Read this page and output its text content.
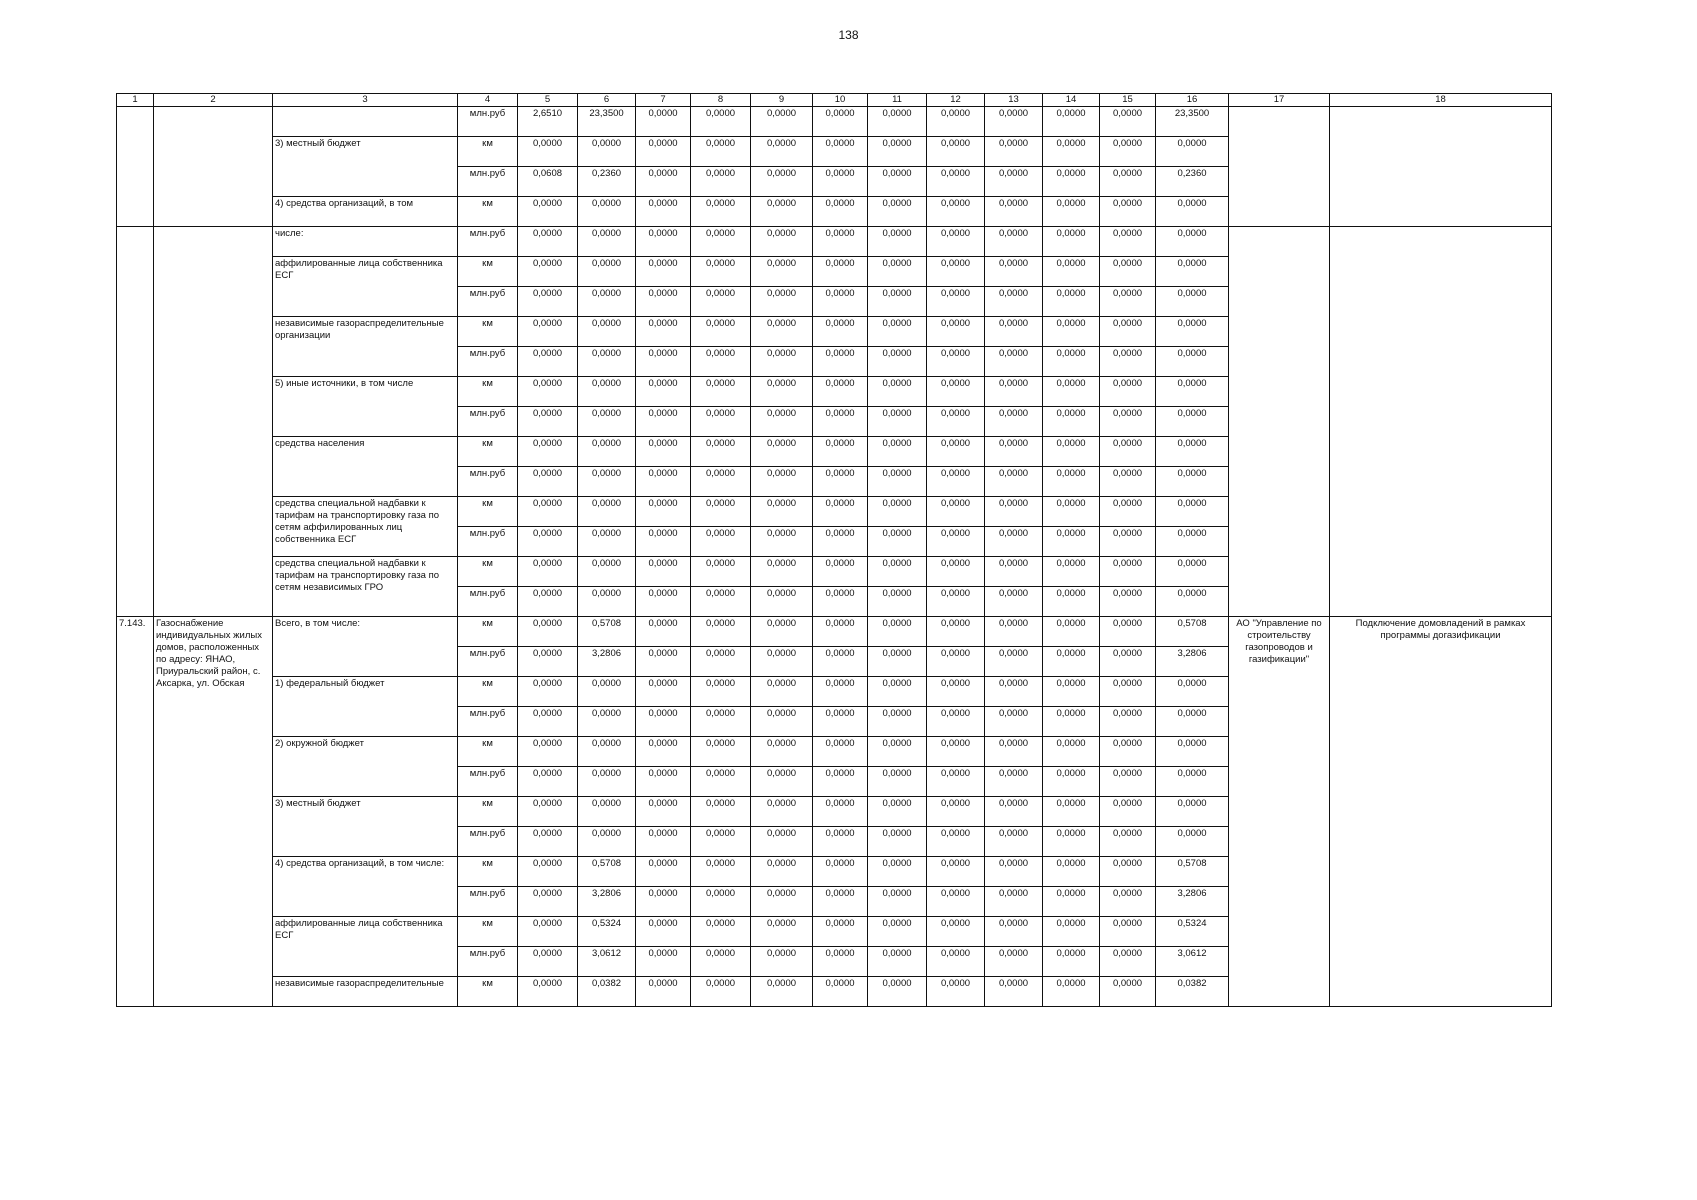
138
1	2	3	4	5	6	7	8	9	10	11	12	13	14	15	16	17	18
			млн.руб	2,6510	23,3500	0,0000	0,0000	0,0000	0,0000	0,0000	0,0000	0,0000	0,0000	0,0000	23,3500		
		3) местный бюджет	км	0,0000	0,0000	0,0000	0,0000	0,0000	0,0000	0,0000	0,0000	0,0000	0,0000	0,0000	0,0000		
			млн.руб	0,0608	0,2360	0,0000	0,0000	0,0000	0,0000	0,0000	0,0000	0,0000	0,0000	0,0000	0,2360		
		4) средства организаций, в том	км	0,0000	0,0000	0,0000	0,0000	0,0000	0,0000	0,0000	0,0000	0,0000	0,0000	0,0000	0,0000		
		числе:	млн.руб	0,0000	0,0000	0,0000	0,0000	0,0000	0,0000	0,0000	0,0000	0,0000	0,0000	0,0000	0,0000		
		аффилированные лица собственника ЕСГ	км	0,0000	0,0000	0,0000	0,0000	0,0000	0,0000	0,0000	0,0000	0,0000	0,0000	0,0000	0,0000		
			млн.руб	0,0000	0,0000	0,0000	0,0000	0,0000	0,0000	0,0000	0,0000	0,0000	0,0000	0,0000	0,0000		
		независимые газораспределительные организации	км	0,0000	0,0000	0,0000	0,0000	0,0000	0,0000	0,0000	0,0000	0,0000	0,0000	0,0000	0,0000		
			млн.руб	0,0000	0,0000	0,0000	0,0000	0,0000	0,0000	0,0000	0,0000	0,0000	0,0000	0,0000	0,0000		
		5) иные источники, в том числе	км	0,0000	0,0000	0,0000	0,0000	0,0000	0,0000	0,0000	0,0000	0,0000	0,0000	0,0000	0,0000		
			млн.руб	0,0000	0,0000	0,0000	0,0000	0,0000	0,0000	0,0000	0,0000	0,0000	0,0000	0,0000	0,0000		
		средства населения	км	0,0000	0,0000	0,0000	0,0000	0,0000	0,0000	0,0000	0,0000	0,0000	0,0000	0,0000	0,0000		
			млн.руб	0,0000	0,0000	0,0000	0,0000	0,0000	0,0000	0,0000	0,0000	0,0000	0,0000	0,0000	0,0000		
		средства специальной надбавки к тарифам на транспортировку газа по сетям аффилированных лиц собственника ЕСГ	км	0,0000	0,0000	0,0000	0,0000	0,0000	0,0000	0,0000	0,0000	0,0000	0,0000	0,0000	0,0000		
			млн.руб	0,0000	0,0000	0,0000	0,0000	0,0000	0,0000	0,0000	0,0000	0,0000	0,0000	0,0000	0,0000		
		средства специальной надбавки к тарифам на транспортировку газа по сетям независимых ГРО	км	0,0000	0,0000	0,0000	0,0000	0,0000	0,0000	0,0000	0,0000	0,0000	0,0000	0,0000	0,0000		
			млн.руб	0,0000	0,0000	0,0000	0,0000	0,0000	0,0000	0,0000	0,0000	0,0000	0,0000	0,0000	0,0000		
7.143.	Газоснабжение индивидуальных жилых домов, расположенных по адресу: ЯНАО, Приуральский район, с. Аксарка, ул. Обская	Всего, в том числе:	км	0,0000	0,5708	0,0000	0,0000	0,0000	0,0000	0,0000	0,0000	0,0000	0,0000	0,0000	0,5708	АО "Управление по строительству газопроводов и газификации"	Подключение домовладений в рамках программы догазификации
			млн.руб	0,0000	3,2806	0,0000	0,0000	0,0000	0,0000	0,0000	0,0000	0,0000	0,0000	0,0000	3,2806		
		1) федеральный бюджет	км	0,0000	0,0000	0,0000	0,0000	0,0000	0,0000	0,0000	0,0000	0,0000	0,0000	0,0000	0,0000		
			млн.руб	0,0000	0,0000	0,0000	0,0000	0,0000	0,0000	0,0000	0,0000	0,0000	0,0000	0,0000	0,0000		
		2) окружной бюджет	км	0,0000	0,0000	0,0000	0,0000	0,0000	0,0000	0,0000	0,0000	0,0000	0,0000	0,0000	0,0000		
			млн.руб	0,0000	0,0000	0,0000	0,0000	0,0000	0,0000	0,0000	0,0000	0,0000	0,0000	0,0000	0,0000		
		3) местный бюджет	км	0,0000	0,0000	0,0000	0,0000	0,0000	0,0000	0,0000	0,0000	0,0000	0,0000	0,0000	0,0000		
			млн.руб	0,0000	0,0000	0,0000	0,0000	0,0000	0,0000	0,0000	0,0000	0,0000	0,0000	0,0000	0,0000		
		4) средства организаций, в том числе:	км	0,0000	0,5708	0,0000	0,0000	0,0000	0,0000	0,0000	0,0000	0,0000	0,0000	0,0000	0,5708		
			млн.руб	0,0000	3,2806	0,0000	0,0000	0,0000	0,0000	0,0000	0,0000	0,0000	0,0000	0,0000	3,2806		
		аффилированные лица собственника ЕСГ	км	0,0000	0,5324	0,0000	0,0000	0,0000	0,0000	0,0000	0,0000	0,0000	0,0000	0,0000	0,5324		
			млн.руб	0,0000	3,0612	0,0000	0,0000	0,0000	0,0000	0,0000	0,0000	0,0000	0,0000	0,0000	3,0612		
		независимые газораспределительные	км	0,0000	0,0382	0,0000	0,0000	0,0000	0,0000	0,0000	0,0000	0,0000	0,0000	0,0000	0,0382		
